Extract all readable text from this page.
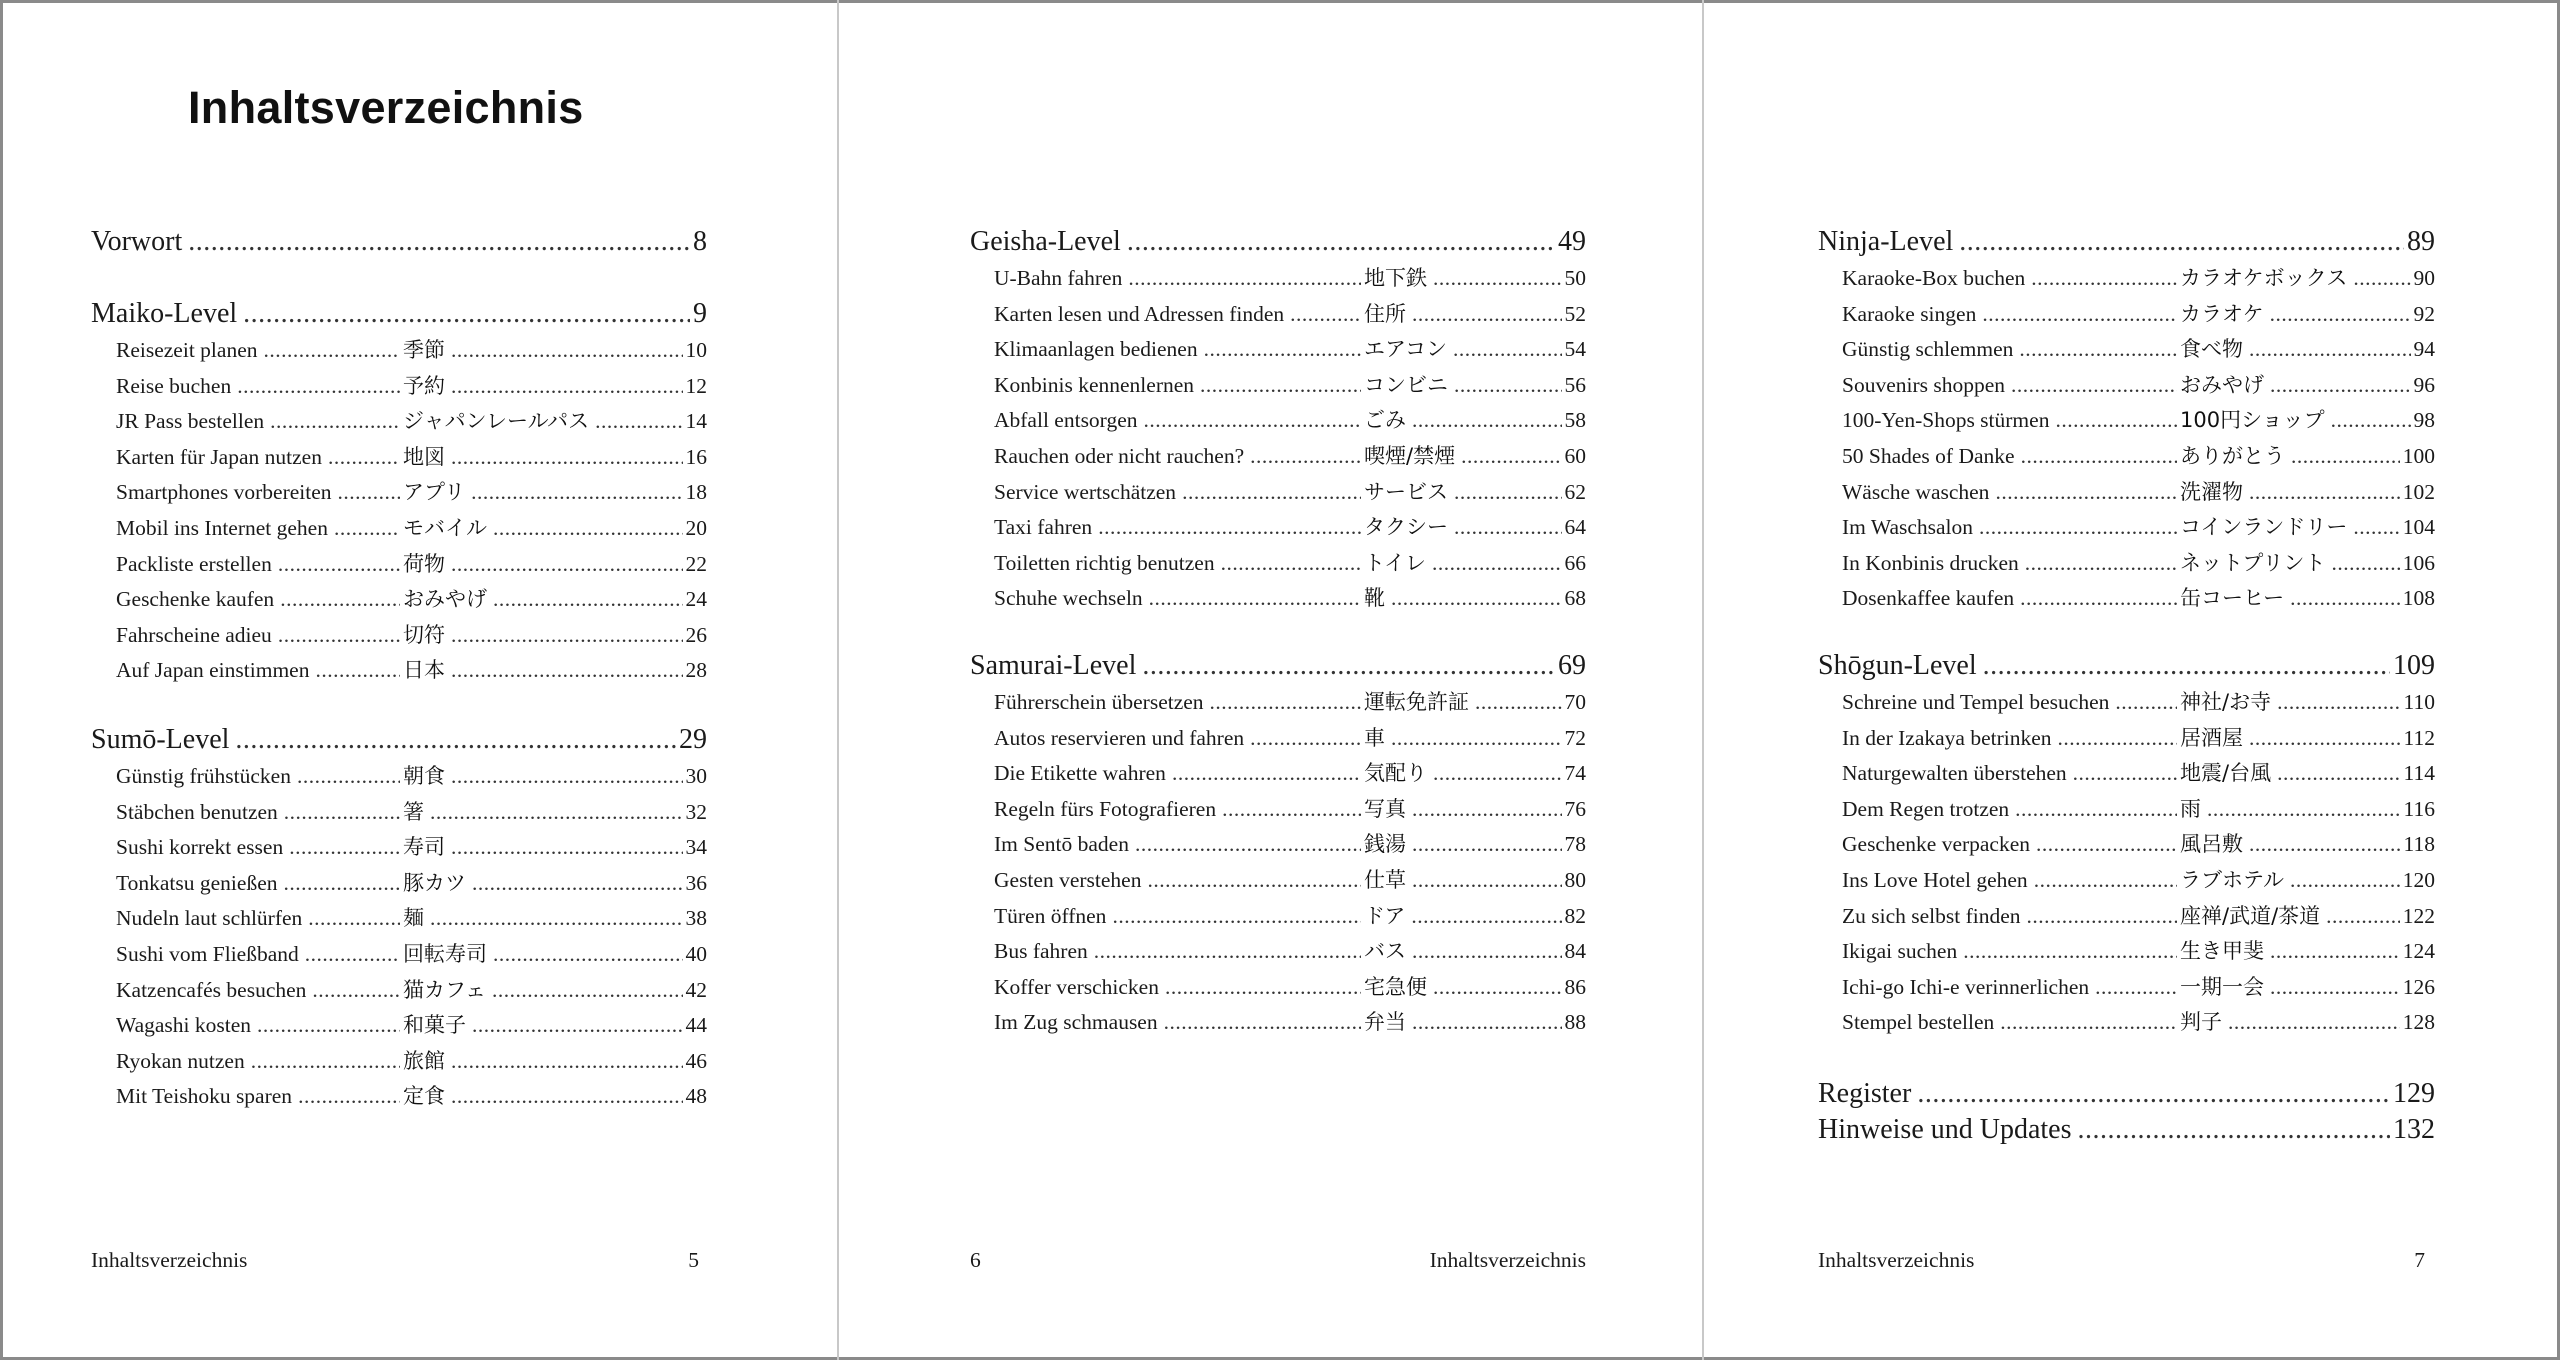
Inhaltsverzeichnis
Vorwort .....	8
Maiko-Level .....	9
Reisezeit planen .....	季節 .....	10
Reise buchen .....	予約 .....	12
JR Pass bestellen .....	ジャパンレールパス .....	14
Karten für Japan nutzen .....	地図 .....	16
Smartphones vorbereiten .....	アプリ .....	18
Mobil ins Internet gehen .....	モバイル .....	20
Packliste erstellen .....	荷物 .....	22
Geschenke kaufen .....	おみやげ .....	24
Fahrscheine adieu .....	切符 .....	26
Auf Japan einstimmen .....	日本 .....	28
Sumō-Level .....	29
Günstig frühstücken .....	朝食 .....	30
Stäbchen benutzen .....	箸 .....	32
Sushi korrekt essen .....	寿司 .....	34
Tonkatsu genießen .....	豚カツ .....	36
Nudeln laut schlürfen .....	麺 .....	38
Sushi vom Fließband .....	回転寿司 .....	40
Katzencafés besuchen .....	猫カフェ .....	42
Wagashi kosten .....	和菓子 .....	44
Ryokan nutzen .....	旅館 .....	46
Mit Teishoku sparen .....	定食 .....	48
Inhaltsverzeichnis	5
Geisha-Level .....	49
U-Bahn fahren .....	地下鉄 .....	50
Karten lesen und Adressen finden .....	住所 .....	52
Klimaanlagen bedienen .....	エアコン .....	54
Konbinis kennenlernen .....	コンビニ .....	56
Abfall entsorgen .....	ごみ .....	58
Rauchen oder nicht rauchen? .....	喫煙/禁煙 .....	60
Service wertschätzen .....	サービス .....	62
Taxi fahren .....	タクシー .....	64
Toiletten richtig benutzen .....	トイレ .....	66
Schuhe wechseln .....	靴 .....	68
Samurai-Level .....	69
Führerschein übersetzen .....	運転免許証 .....	70
Autos reservieren und fahren .....	車 .....	72
Die Etikette wahren .....	気配り .....	74
Regeln fürs Fotografieren .....	写真 .....	76
Im Sentō baden .....	銭湯 .....	78
Gesten verstehen .....	仕草 .....	80
Türen öffnen .....	ドア .....	82
Bus fahren .....	バス .....	84
Koffer verschicken .....	宅急便 .....	86
Im Zug schmausen .....	弁当 .....	88
6	Inhaltsverzeichnis
Ninja-Level .....	89
Karaoke-Box buchen .....	カラオケボックス .....	90
Karaoke singen .....	カラオケ .....	92
Günstig schlemmen .....	食べ物 .....	94
Souvenirs shoppen .....	おみやげ .....	96
100-Yen-Shops stürmen .....	100円ショップ .....	98
50 Shades of Danke .....	ありがとう .....	100
Wäsche waschen .....	洗濯物 .....	102
Im Waschsalon .....	コインランドリー .....	104
In Konbinis drucken .....	ネットプリント .....	106
Dosenkaffee kaufen .....	缶コーヒー .....	108
Shōgun-Level .....	109
Schreine und Tempel besuchen .....	神社/お寺 .....	110
In der Izakaya betrinken .....	居酒屋 .....	112
Naturgewalten überstehen .....	地震/台風 .....	114
Dem Regen trotzen .....	雨 .....	116
Geschenke verpacken .....	風呂敷 .....	118
Ins Love Hotel gehen .....	ラブホテル .....	120
Zu sich selbst finden .....	座禅/武道/茶道 .....	122
Ikigai suchen .....	生き甲斐 .....	124
Ichi-go Ichi-e verinnerlichen .....	一期一会 .....	126
Stempel bestellen .....	判子 .....	128
Register .....	129
Hinweise und Updates .....	132
Inhaltsverzeichnis	7
